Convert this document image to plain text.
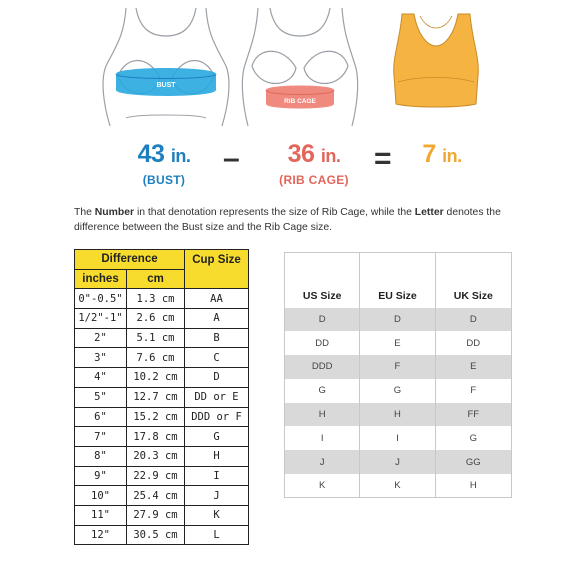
BUST
RIB CAGE
43 in.
(BUST)
–	36 in.
(RIB CAGE)
=	7 in.

The Number in that denotation represents the size of Rib Cage, while the Letter denotes the difference between the Bust size and the Rib Cage size.

Difference		Cup Size
inches	cm	
0"-0.5"	1.3 cm	AA
1/2"-1"	2.6 cm	A
2"	5.1 cm	B
3"	7.6 cm	C
4"	10.2 cm	D
5"	12.7 cm	DD or E
6"	15.2 cm	DDD or F
7"	17.8 cm	G
8"	20.3 cm	H
9"	22.9 cm	I
10"	25.4 cm	J
11"	27.9 cm	K
12"	30.5 cm	L
US Size	EU Size	UK Size
D	D	D
DD	E	DD
DDD	F	E
G	G	F
H	H	FF
I	I	G
J	J	GG
K	K	H
